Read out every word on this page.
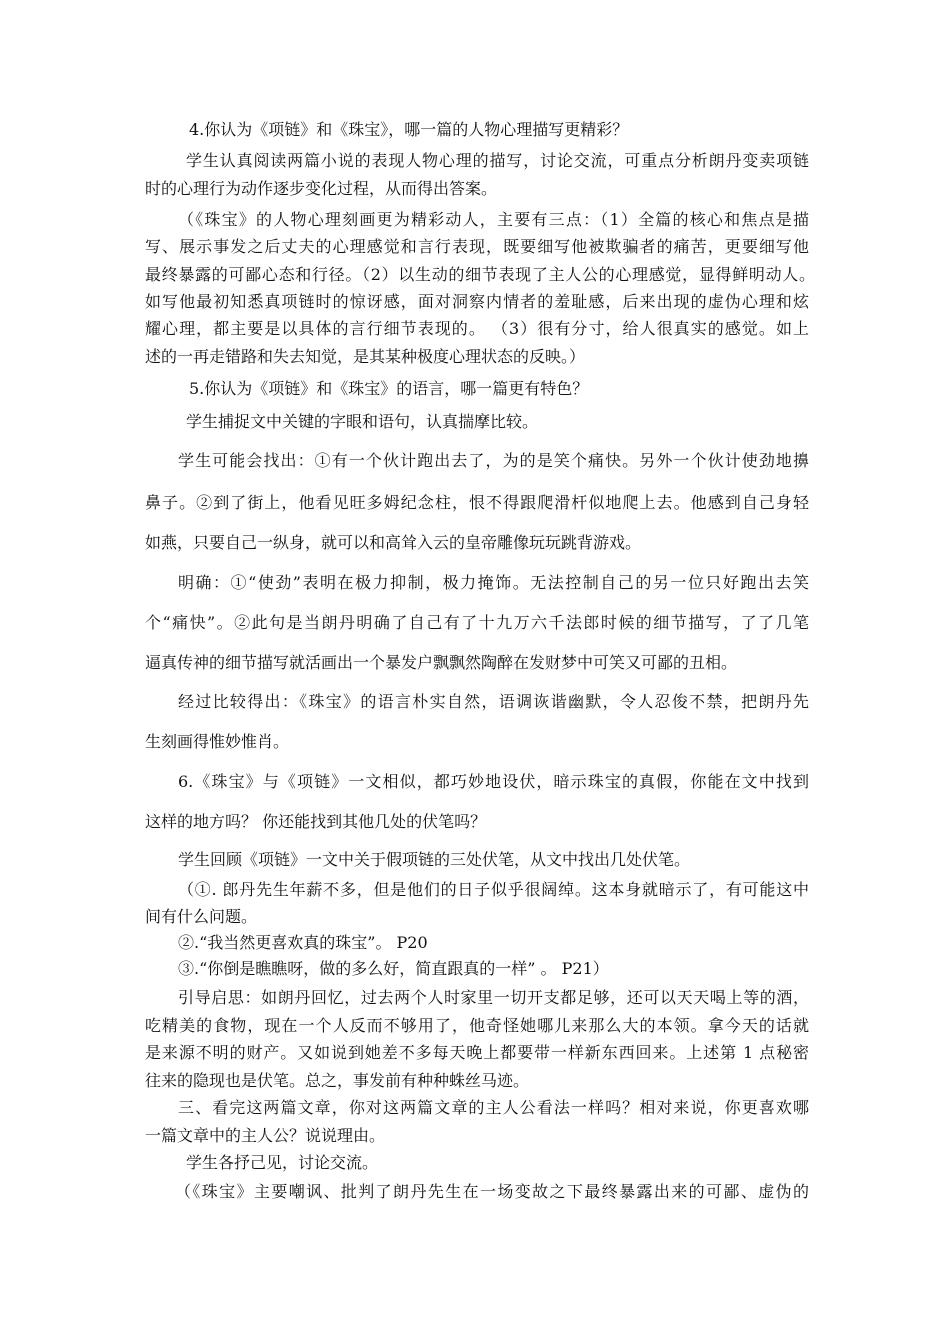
4.你认为《项链》和《珠宝》，哪一篇的人物心理描写更精彩？

学生认真阅读两篇小说的表现人物心理的描写，讨论交流，可重点分析朗丹变卖项链

时的心理行为动作逐步变化过程，从而得出答案。

（《珠宝》的人物心理刻画更为精彩动人，主要有三点：（1）全篇的核心和焦点是描

写、展示事发之后丈夫的心理感觉和言行表现，既要细写他被欺骗者的痛苦，更要细写他

最终暴露的可鄙心态和行径。（2）以生动的细节表现了主人公的心理感觉，显得鲜明动人。

如写他最初知悉真项链时的惊讶感，面对洞察内情者的羞耻感，后来出现的虚伪心理和炫

耀心理，都主要是以具体的言行细节表现的。 （3）很有分寸，给人很真实的感觉。如上

述的一再走错路和失去知觉，是其某种极度心理状态的反映。）

5.你认为《项链》和《珠宝》的语言，哪一篇更有特色？

学生捕捉文中关键的字眼和语句，认真揣摩比较。

学生可能会找出：①有一个伙计跑出去了，为的是笑个痛快。另外一个伙计使劲地擤

鼻子。②到了街上，他看见旺多姆纪念柱，恨不得跟爬滑杆似地爬上去。他感到自己身轻

如燕，只要自己一纵身，就可以和高耸入云的皇帝雕像玩玩跳背游戏。

明确：①“使劲”表明在极力抑制，极力掩饰。无法控制自己的另一位只好跑出去笑

个“痛快”。②此句是当朗丹明确了自己有了十九万六千法郎时候的细节描写，了了几笔

逼真传神的细节描写就活画出一个暴发户飘飘然陶醉在发财梦中可笑又可鄙的丑相。

经过比较得出：《珠宝》的语言朴实自然，语调诙谐幽默，令人忍俊不禁，把朗丹先

生刻画得惟妙惟肖。

6.《珠宝》与《项链》一文相似，都巧妙地设伏，暗示珠宝的真假，你能在文中找到

这样的地方吗？ 你还能找到其他几处的伏笔吗？

学生回顾《项链》一文中关于假项链的三处伏笔，从文中找出几处伏笔。

（①. 郎丹先生年薪不多，但是他们的日子似乎很阔绰。这本身就暗示了，有可能这中

间有什么问题。

②.“我当然更喜欢真的珠宝”。 P20

③.“你倒是瞧瞧呀，做的多么好，简直跟真的一样” 。 P21）

引导启思：如朗丹回忆，过去两个人时家里一切开支都足够，还可以天天喝上等的酒，

吃精美的食物，现在一个人反而不够用了，他奇怪她哪儿来那么大的本领。拿今天的话就

是来源不明的财产。又如说到她差不多每天晚上都要带一样新东西回来。上述第 1 点秘密

往来的隐现也是伏笔。总之，事发前有种种蛛丝马迹。

三、看完这两篇文章，你对这两篇文章的主人公看法一样吗？相对来说，你更喜欢哪

一篇文章中的主人公？说说理由。

学生各抒己见，讨论交流。

（《珠宝》主要嘲讽、批判了朗丹先生在一场变故之下最终暴露出来的可鄙、虚伪的
